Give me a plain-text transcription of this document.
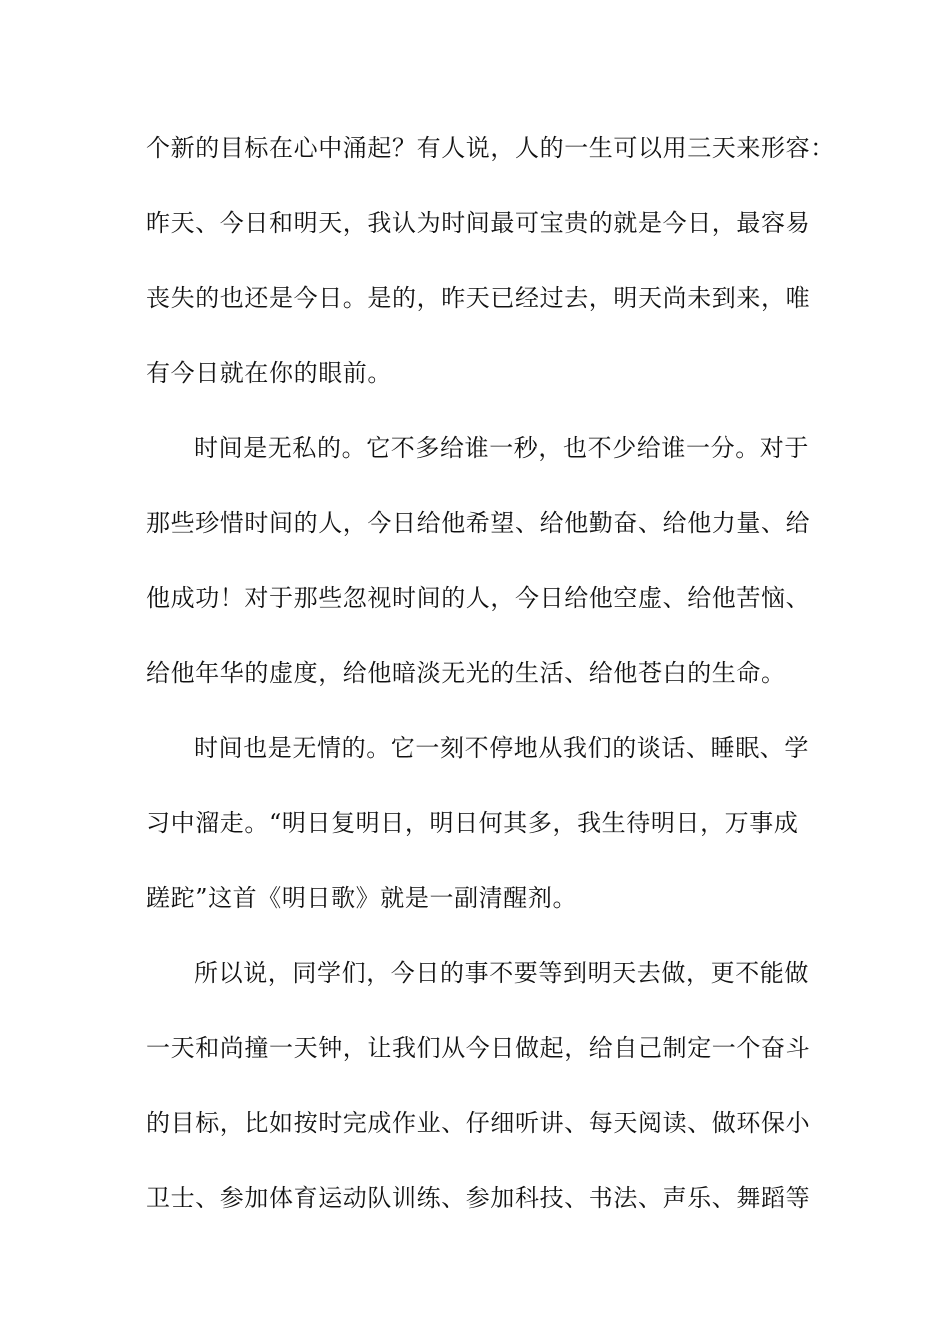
个新的目标在心中涌起？有人说，人的一生可以用三天来形容：
昨天、今日和明天，我认为时间最可宝贵的就是今日，最容易
丧失的也还是今日。是的，昨天已经过去，明天尚未到来，唯
有今日就在你的眼前。
时间是无私的。它不多给谁一秒，也不少给谁一分。对于
那些珍惜时间的人，今日给他希望、给他勤奋、给他力量、给
他成功！对于那些忽视时间的人，今日给他空虚、给他苦恼、
给他年华的虚度，给他暗淡无光的生活、给他苍白的生命。
时间也是无情的。它一刻不停地从我们的谈话、睡眠、学
习中溜走。“明日复明日，明日何其多，我生待明日，万事成
蹉跎”这首《明日歌》就是一副清醒剂。
所以说，同学们，今日的事不要等到明天去做，更不能做
一天和尚撞一天钟，让我们从今日做起，给自己制定一个奋斗
的目标，比如按时完成作业、仔细听讲、每天阅读、做环保小
卫士、参加体育运动队训练、参加科技、书法、声乐、舞蹈等
